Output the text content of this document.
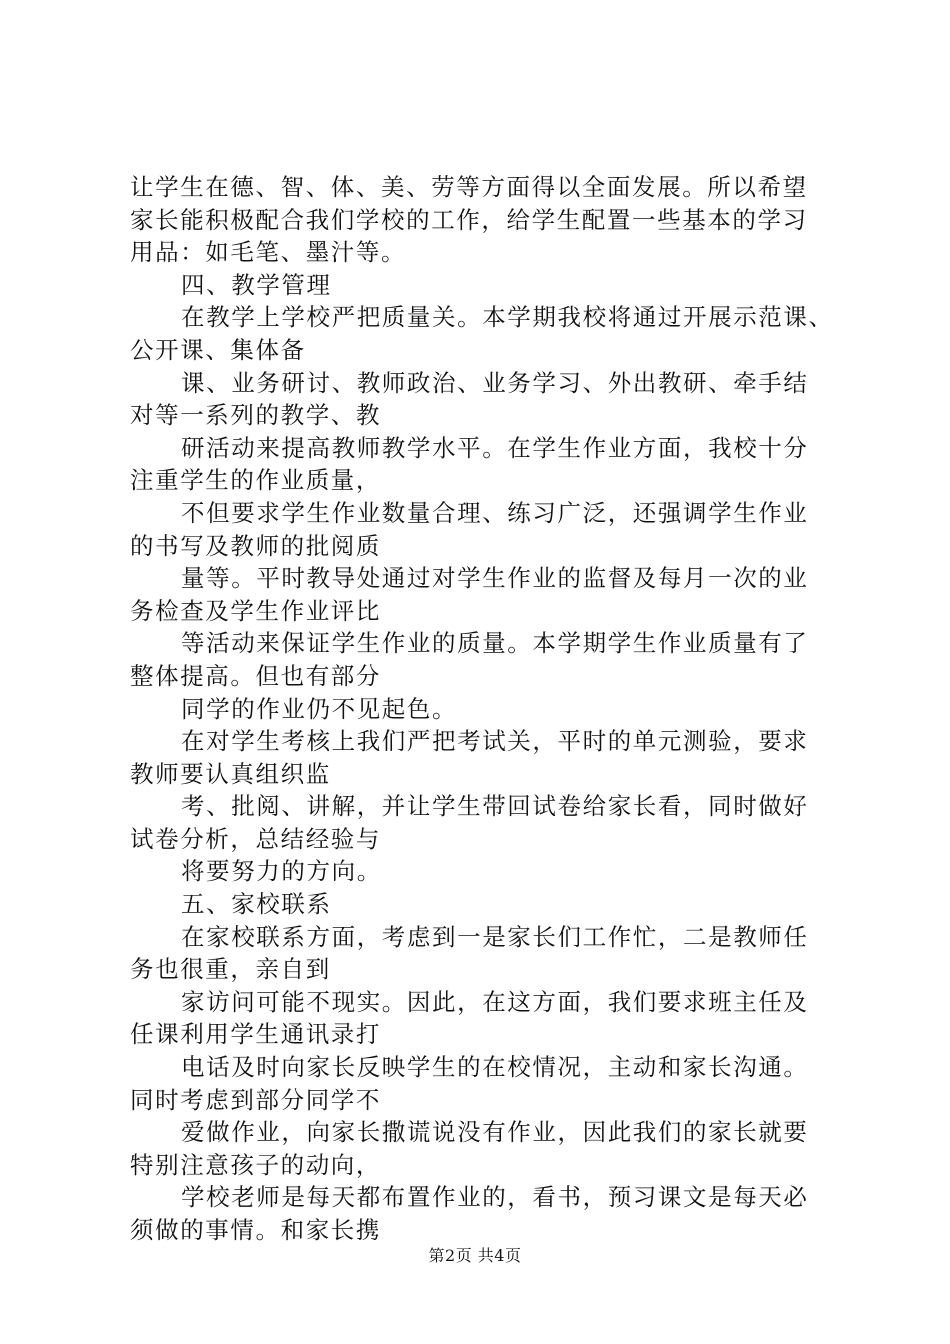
让学生在德、智、体、美、劳等方面得以全面发展。所以希望
家长能积极配合我们学校的工作，给学生配置一些基本的学习
用品：如毛笔、墨汁等。
四、教学管理
在教学上学校严把质量关。本学期我校将通过开展示范课、
公开课、集体备
课、业务研讨、教师政治、业务学习、外出教研、牵手结
对等一系列的教学、教
研活动来提高教师教学水平。在学生作业方面，我校十分
注重学生的作业质量，
不但要求学生作业数量合理、练习广泛，还强调学生作业
的书写及教师的批阅质
量等。平时教导处通过对学生作业的监督及每月一次的业
务检查及学生作业评比
等活动来保证学生作业的质量。本学期学生作业质量有了
整体提高。但也有部分
同学的作业仍不见起色。
在对学生考核上我们严把考试关，平时的单元测验，要求
教师要认真组织监
考、批阅、讲解，并让学生带回试卷给家长看，同时做好
试卷分析，总结经验与
将要努力的方向。
五、家校联系
在家校联系方面，考虑到一是家长们工作忙，二是教师任
务也很重，亲自到
家访问可能不现实。因此，在这方面，我们要求班主任及
任课利用学生通讯录打
电话及时向家长反映学生的在校情况，主动和家长沟通。
同时考虑到部分同学不
爱做作业，向家长撒谎说没有作业，因此我们的家长就要
特别注意孩子的动向，
学校老师是每天都布置作业的，看书，预习课文是每天必
须做的事情。和家长携
第2页 共4页
